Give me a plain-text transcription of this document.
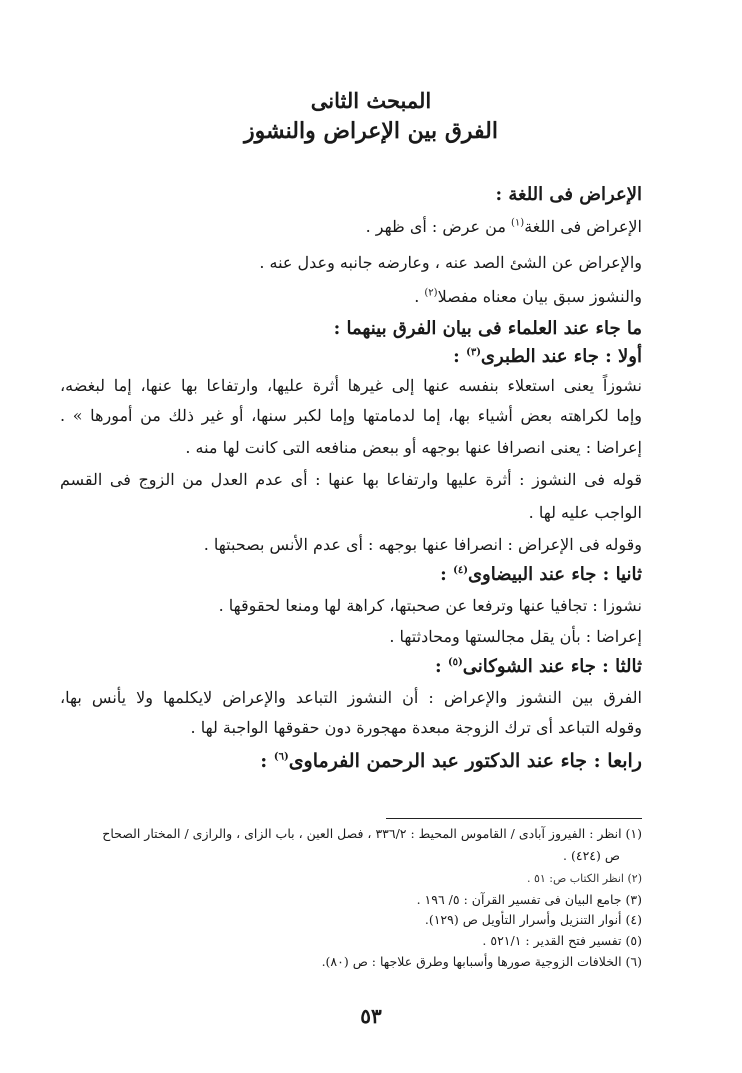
المبحث الثانى
الفرق بين الإعراض والنشوز
الإعراض فى اللغة :
الإعراض فى اللغة$^{(١)}$ من عرض : أى ظهر .
والإعراض عن الشئ الصد عنه ، وعارضه جانبه وعدل عنه .
والنشوز سبق بيان معناه مفصلا$^{(٢)}$ .
ما جاء عند العلماء فى بيان الفرق بينهما :
أولا : جاء عند الطبرى$^{(٣)}$ :
نشوزاً يعنى استعلاء بنفسه عنها إلى غيرها أثرة عليها، وارتفاعا بها عنها، إما لبغضه،
وإما لكراهته بعض أشياء بها، إما لدمامتها وإما لكبر سنها، أو غير ذلك من أمورها » .
إعراضا : يعنى انصرافا عنها بوجهه أو ببعض منافعه التى كانت لها منه .
قوله فى النشوز : أثرة عليها وارتفاعا بها عنها : أى عدم العدل من الزوج فى القسم
الواجب عليه لها .
وقوله فى الإعراض : انصرافا عنها بوجهه : أى عدم الأنس بصحبتها .
ثانيا : جاء عند البيضاوى$^{(٤)}$ :
نشوزا : تجافيا عنها وترفعا عن صحبتها، كراهة لها ومنعا لحقوقها .
إعراضا : بأن يقل مجالستها ومحادثتها .
ثالثا : جاء عند الشوكانى$^{(٥)}$ :
الفرق بين النشوز والإعراض : أن النشوز التباعد والإعراض لايكلمها ولا يأنس بها،
وقوله التباعد أى ترك الزوجة مبعدة مهجورة دون حقوقها الواجبة لها .
رابعا : جاء عند الدكتور عبد الرحمن الفرماوى$^{(٦)}$ :
(١) انظر : الفيروز آبادى / القاموس المحيط : ٣٣٦/٢ ، فصل العين ، باب الزاى ، والرازى / المختار الصحاح
ص (٤٢٤) .
(٢) انظر الكتاب ص: ٥١ .
(٣) جامع البيان فى تفسير القرآن : ٥/ ١٩٦ .
(٤) أنوار التنزيل وأسرار التأويل ص (١٢٩).
(٥) تفسير فتح القدير : ٥٢١/١ .
(٦) الخلافات الزوجية صورها وأسبابها وطرق علاجها : ص (٨٠).
٥٣
